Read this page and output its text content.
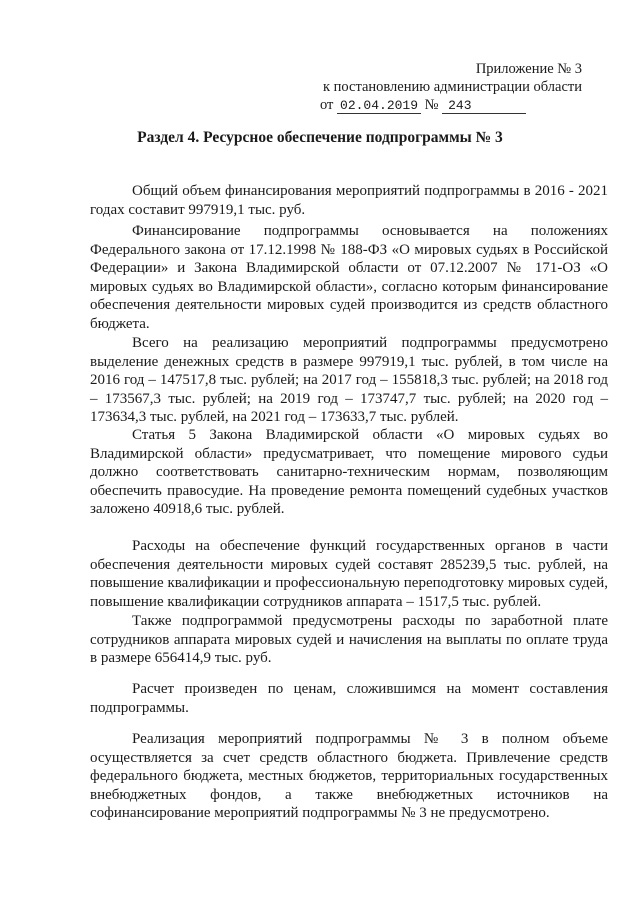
Приложение № 3
к постановлению администрации области
от 02.04.2019 № 243
Раздел 4. Ресурсное обеспечение подпрограммы № 3

Общий объем финансирования мероприятий подпрограммы в 2016 - 2021 годах составит 997919,1 тыс. руб.

Финансирование подпрограммы основывается на положениях Федерального закона от 17.12.1998 № 188-ФЗ «О мировых судьях в Российской Федерации» и Закона Владимирской области от 07.12.2007 № 171-ОЗ «О мировых судьях во Владимирской области», согласно которым финансирование обеспечения деятельности мировых судей производится из средств областного бюджета.

Всего на реализацию мероприятий подпрограммы предусмотрено выделение денежных средств в размере 997919,1 тыс. рублей, в том числе на 2016 год – 147517,8 тыс. рублей; на 2017 год – 155818,3 тыс. рублей; на 2018 год – 173567,3 тыс. рублей; на 2019 год – 173747,7 тыс. рублей; на 2020 год – 173634,3 тыс. рублей, на 2021 год – 173633,7 тыс. рублей.

Статья 5 Закона Владимирской области «О мировых судьях во Владимирской области» предусматривает, что помещение мирового судьи должно соответствовать санитарно-техническим нормам, позволяющим обеспечить правосудие. На проведение ремонта помещений судебных участков заложено 40918,6 тыс. рублей.

Расходы на обеспечение функций государственных органов в части обеспечения деятельности мировых судей составят 285239,5 тыс. рублей, на повышение квалификации и профессиональную переподготовку мировых судей, повышение квалификации сотрудников аппарата – 1517,5 тыс. рублей.

Также подпрограммой предусмотрены расходы по заработной плате сотрудников аппарата мировых судей и начисления на выплаты по оплате труда в размере 656414,9 тыс. руб.

Расчет произведен по ценам, сложившимся на момент составления подпрограммы.

Реализация мероприятий подпрограммы № 3 в полном объеме осуществляется за счет средств областного бюджета. Привлечение средств федерального бюджета, местных бюджетов, территориальных государственных внебюджетных фондов, а также внебюджетных источников на софинансирование мероприятий подпрограммы № 3 не предусмотрено.
